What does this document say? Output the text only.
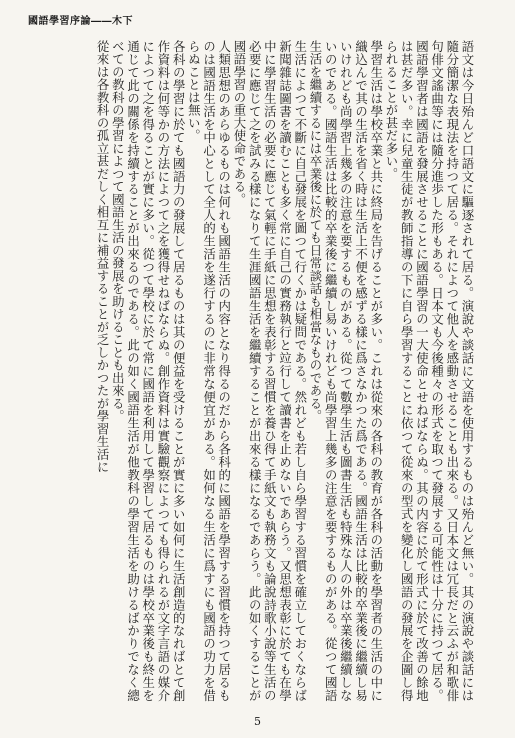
國語學習序論――木下

語文は今日殆んど口語文に驅逐されて居る。演說や談話に文語を使用するものは殆んど無い。其の演說や談話には隨分簡潔な表現法を持つて居る。それによつて他人を感動させることも出來る。又日本文は冗長だと云ふが和歌俳句俳文謠曲等には隨分進歩した形もある。日本文も今後種々の形式を取つて發展する可能性は十分に持つて居る。國語學習者は國語を發展させることに國語學習の一大使命とせねばならぬ。其の内容に於て形式に於て改善の餘地は甚だ多い。幸に兒童生徒が教師指導の下に自ら學習することに依つて從來の型式を變化し國語の發展を企圖し得られることが甚だ多い。

學習生活は學校卒業と共に終局を告げることが多い。これは從來の各科の教育が各科の活動を學習者の生活の中に織込んで其の生活を省く時は生活上不便を感ずる樣に爲さなかつた爲である。國語生活は比較的卒業後に繼續し易いけれども尚學習上幾多の注意を要するものがある。從つて數學生活も圖書生活も特殊な人の外は卒業後繼續しないのである。國語生活は比較的卒業後に繼續し易いけれども尚學習上幾多の注意を要するものがある。從つて國語生活を繼續するには卒業後に於ても日常談話も相當なものである。

生活によつて不斷に自己發展を圖つて行くかは疑問である。然れども若し自ら學習する習慣を確立しておくならば新聞雜誌圖書を讀むことも多く常に自己の實務執行と竝行して讀書を止めないであらう。又思想表彰に於ても在學中に學習生活の必要に應じて氣輕に手紙に思想を表彰する習慣を養ひ得て手紙文も執務文も論說詩歌小說等生活の必要に應じて之を試みる樣になりて生涯國語生活を繼續することが出來る樣になるであらう。此の如くすることが國語學習の重大使命である。

人類思想のあらゆるものは何れも國語生活の内容となり得るのだから各科的に國語を學習する習慣を持つて居るものは國語生活を中心として全人的生活を遂行するのに非常な便宜がある。如何なる生活に爲すにも國語の功力を借らぬことは無い。

各科の學習に於ても國語力の發展して居るものは其の便益を受けることが實に多い如何に生活創造的なればとて創作資料は何等かの方法によつて之を獲得せねばならぬ。創作資料は實驗觀察によつても得られるが文字言語の媒介によつて之を得ることが實に多い。從つて學校に於て常に國語を利用して學習して居るものは學校卒業後も終生を通じて此の關係を持續することが出來るのである。此の如く國語生活が他教科の學習生活を助けるばかりでなく總べての教科の學習によつて國語生活の發展を助けることも出來る。

從來は各教科の孤立甚だしく相互に補益することが乏しかつたが學習生活に

5
